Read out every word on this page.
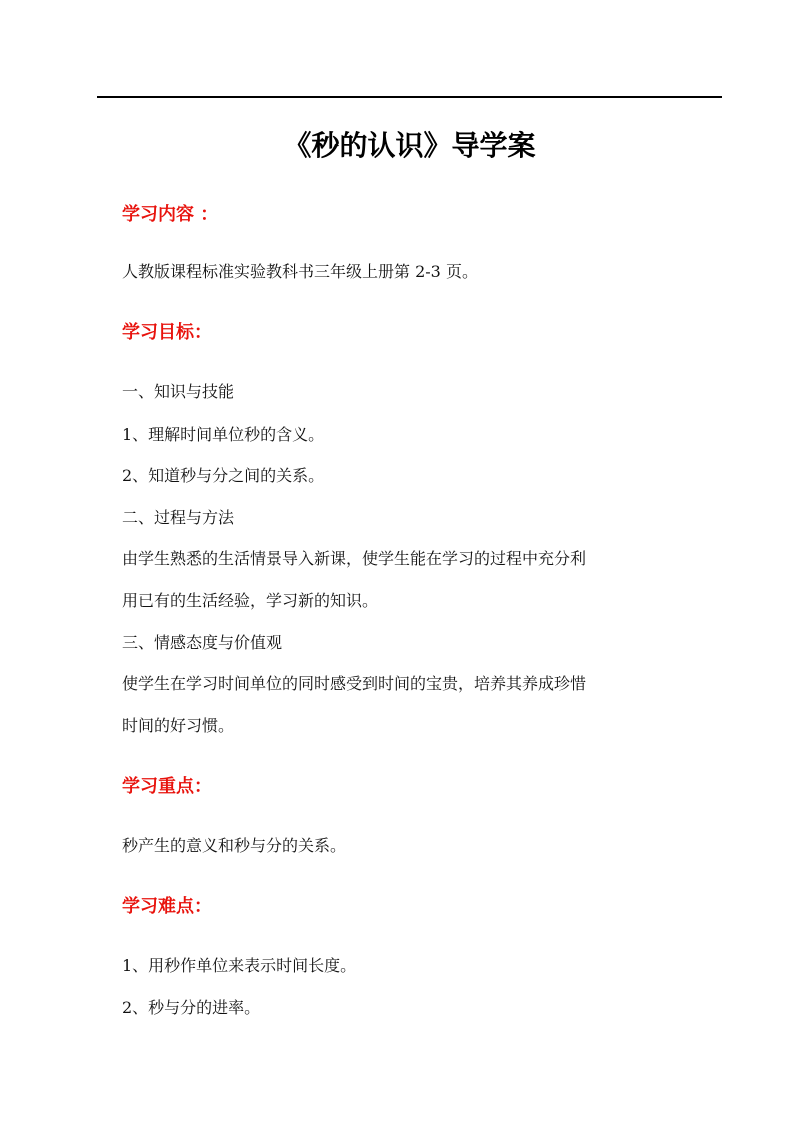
《秒的认识》导学案
学习内容 ：
人教版课程标准实验教科书三年级上册第 2-3 页。
学习目标：
一、知识与技能
1、理解时间单位秒的含义。
2、知道秒与分之间的关系。
二、过程与方法
由学生熟悉的生活情景导入新课，使学生能在学习的过程中充分利
用已有的生活经验，学习新的知识。
三、情感态度与价值观
使学生在学习时间单位的同时感受到时间的宝贵，培养其养成珍惜
时间的好习惯。
学习重点：
秒产生的意义和秒与分的关系。
学习难点：
1、用秒作单位来表示时间长度。
2、秒与分的进率。
